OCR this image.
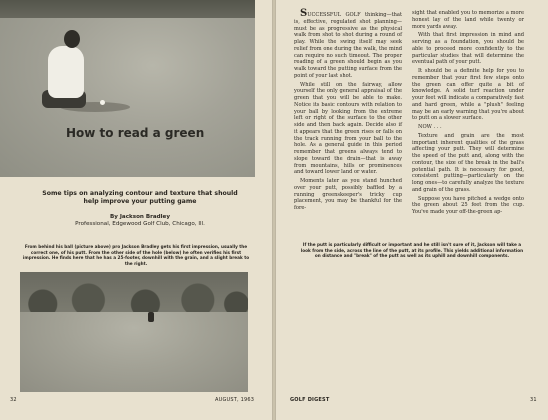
How to read a green
Some tips on analyzing contour and texture that should help improve your putting game
By Jackson Bradley
Professional, Edgewood Golf Club, Chicago, Ill.
From behind his ball (picture above) pro Jackson Bradley gets his first impression, usually the correct one, of his putt. From the other side of the hole (below) he often verifies his first impression. He finds here that he has a 25-footer, downhill with the grain, and a slight break to the right.
32	AUGUST, 1963

SUCCESSFUL GOLF thinking—that is, effective, regulated shot planning—must be as progressive as the physical walk from shot to shot during a round of play. While the swing itself may seek relief from one during the walk, the mind can require no such timeout. The proper reading of a green should begin as you walk toward the putting surface from the point of your last shot.

While still on the fairway, allow yourself the only general appraisal of the green that you will be able to make. Notice its basic contours with relation to your ball by looking from the extreme left or right of the surface to the other side and then back again. Decide also if it appears that the green rises or falls on the track running from your ball to the hole. As a general guide in this period remember that greens always tend to slope toward the drain—that is away from mountains, hills or prominences and toward lower land or water.

Moments later as you stand hunched over your putt, possibly baffled by a running greenskeeper's tricky cup placement, you may be thankful for the fore-

sight that enabled you to memorize a more honest lay of the land while twenty or more yards away.

With that first impression in mind and serving as a foundation, you should be able to proceed more confidently to the particular studies that will determine the eventual path of your putt.

It should be a definite help for you to remember that your first few steps onto the green can offer quite a bit of knowledge. A solid turf reaction under your feet will indicate a comparatively fast and hard green, while a "plush" feeling may be an early warning that you're about to putt on a slower surface.

NOW . . .

Texture and grain are the most important inherent qualities of the grass affecting your putt. They will determine the speed of the putt and, along with the contour, the size of the break in the ball's potential path. It is necessary for good, consistent putting—particularly on the long ones—to carefully analyze the texture and grain of the grass.

Suppose you have pitched a wedge onto the green about 25 feet from the cup. You've made your off-the-green ap-

If the putt is particularly difficult or important and he still isn't sure of it, Jackson will take a look from the side, across the line of the putt, at its profile. This yields additional information on distance and "break" of the putt as well as its uphill and downhill components.
GOLF DIGEST	31
